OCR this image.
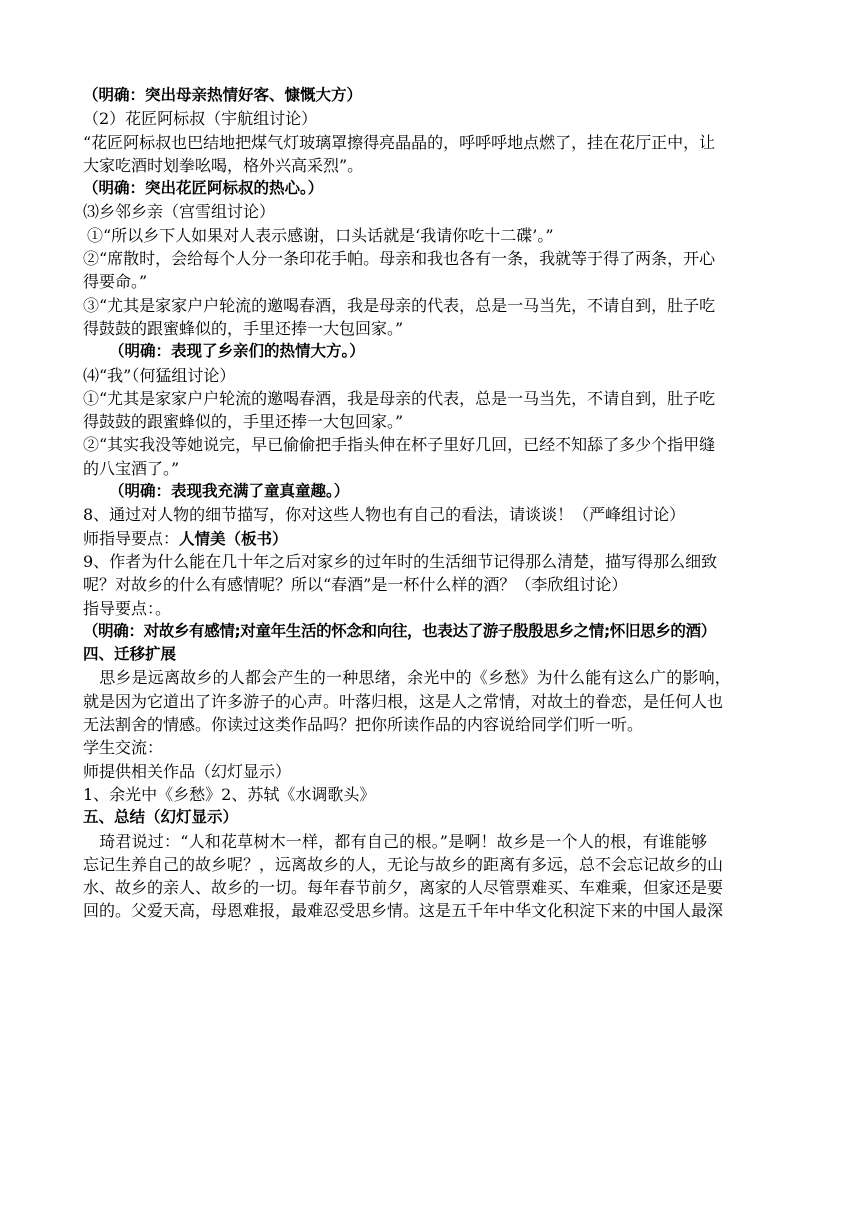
（明确：突出母亲热情好客、慷慨大方）
（2）花匠阿标叔（宇航组讨论）
“花匠阿标叔也巴结地把煤气灯玻璃罩擦得亮晶晶的，呼呼呼地点燃了，挂在花厅正中，让
大家吃酒时划拳吆喝，格外兴高采烈”。
（明确：突出花匠阿标叔的热心。）
⑶乡邻乡亲（宫雪组讨论）
①“所以乡下人如果对人表示感谢，口头话就是‘我请你吃十二碟’。”
②“席散时，会给每个人分一条印花手帕。母亲和我也各有一条，我就等于得了两条，开心
得要命。”
③“尤其是家家户户轮流的邀喝春酒，我是母亲的代表，总是一马当先，不请自到，肚子吃
得鼓鼓的跟蜜蜂似的，手里还捧一大包回家。”
（明确：表现了乡亲们的热情大方。）
⑷“我”（何猛组讨论）
①“尤其是家家户户轮流的邀喝春酒，我是母亲的代表，总是一马当先，不请自到，肚子吃
得鼓鼓的跟蜜蜂似的，手里还捧一大包回家。”
②“其实我没等她说完，早已偷偷把手指头伸在杯子里好几回，已经不知舔了多少个指甲缝
的八宝酒了。”
（明确：表现我充满了童真童趣。）
8、通过对人物的细节描写，你对这些人物也有自己的看法，请谈谈！（严峰组讨论）
师指导要点：人情美（板书）
9、作者为什么能在几十年之后对家乡的过年时的生活细节记得那么清楚，描写得那么细致
呢？对故乡的什么有感情呢？所以“春酒”是一杯什么样的酒？（李欣组讨论）
指导要点：。
（明确：对故乡有感情;对童年生活的怀念和向往，也表达了游子殷殷思乡之情;怀旧思乡的酒）
四、迁移扩展
　思乡是远离故乡的人都会产生的一种思绪，余光中的《乡愁》为什么能有这么广的影响，
就是因为它道出了许多游子的心声。叶落归根，这是人之常情，对故土的眷恋，是任何人也
无法割舍的情感。你读过这类作品吗？把你所读作品的内容说给同学们听一听。
学生交流：
师提供相关作品（幻灯显示）
1、余光中《乡愁》2、苏轼《水调歌头》
五、总结（幻灯显示）
　琦君说过：“人和花草树木一样，都有自己的根。”是啊！故乡是一个人的根，有谁能够
忘记生养自己的故乡呢？，远离故乡的人，无论与故乡的距离有多远，总不会忘记故乡的山
水、故乡的亲人、故乡的一切。每年春节前夕，离家的人尽管票难买、车难乘，但家还是要
回的。父爱天高，母恩难报，最难忍受思乡情。这是五千年中华文化积淀下来的中国人最深
